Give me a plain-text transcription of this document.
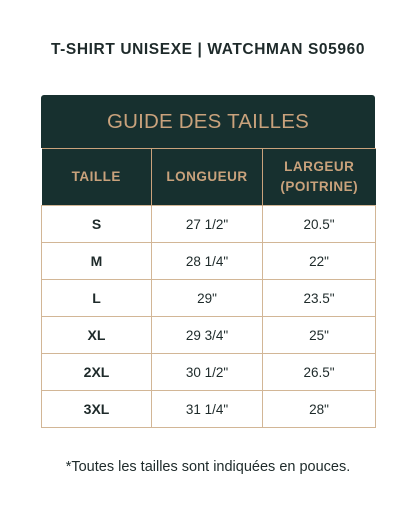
T-SHIRT UNISEXE | WATCHMAN S05960
GUIDE DES TAILLES
TAILLE	LONGUEUR	LARGEUR
(POITRINE)
S	27 1/2"	20.5"
M	28 1/4"	22"
L	29"	23.5"
XL	29 3/4"	25"
2XL	30 1/2"	26.5"
3XL	31 1/4"	28"
*Toutes les tailles sont indiquées en pouces.
